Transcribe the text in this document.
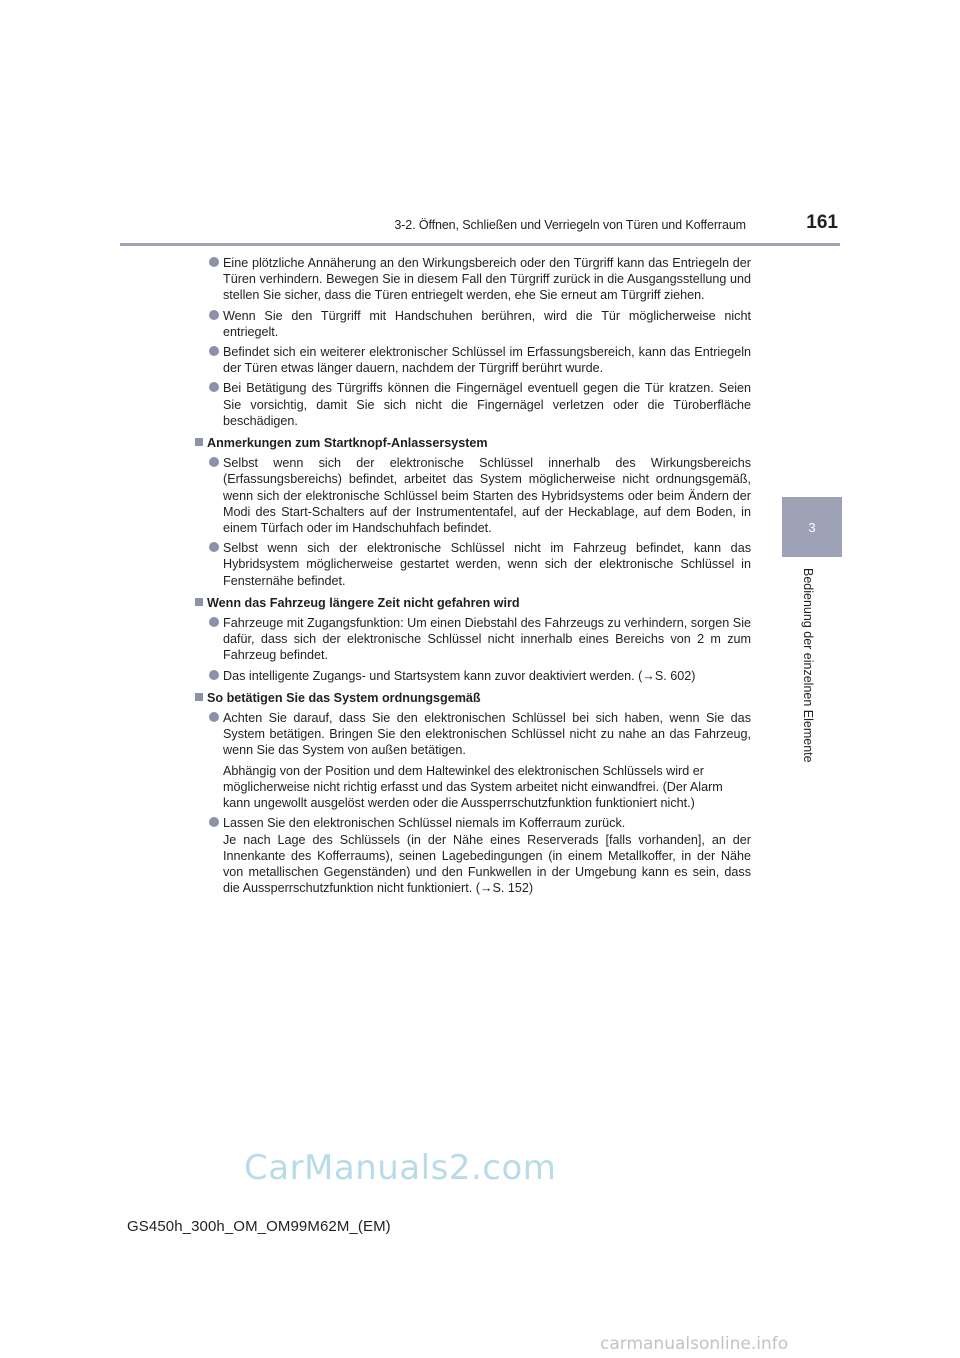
3-2. Öffnen, Schließen und Verriegeln von Türen und Kofferraum	161
3
Bedienung der einzelnen Elemente
Eine plötzliche Annäherung an den Wirkungsbereich oder den Türgriff kann das Entriegeln der Türen verhindern. Bewegen Sie in diesem Fall den Türgriff zurück in die Ausgangsstellung und stellen Sie sicher, dass die Türen entriegelt werden, ehe Sie erneut am Türgriff ziehen.
Wenn Sie den Türgriff mit Handschuhen berühren, wird die Tür möglicherweise nicht entriegelt.
Befindet sich ein weiterer elektronischer Schlüssel im Erfassungsbereich, kann das Entriegeln der Türen etwas länger dauern, nachdem der Türgriff berührt wurde.
Bei Betätigung des Türgriffs können die Fingernägel eventuell gegen die Tür kratzen. Seien Sie vorsichtig, damit Sie sich nicht die Fingernägel verletzen oder die Türoberfläche beschädigen.
Anmerkungen zum Startknopf-Anlassersystem
Selbst wenn sich der elektronische Schlüssel innerhalb des Wirkungsbereichs (Erfassungsbereichs) befindet, arbeitet das System möglicherweise nicht ordnungsgemäß, wenn sich der elektronische Schlüssel beim Starten des Hybridsystems oder beim Ändern der Modi des Start-Schalters auf der Instrumententafel, auf der Heckablage, auf dem Boden, in einem Türfach oder im Handschuhfach befindet.
Selbst wenn sich der elektronische Schlüssel nicht im Fahrzeug befindet, kann das Hybridsystem möglicherweise gestartet werden, wenn sich der elektronische Schlüssel in Fensternähe befindet.
Wenn das Fahrzeug längere Zeit nicht gefahren wird
Fahrzeuge mit Zugangsfunktion: Um einen Diebstahl des Fahrzeugs zu verhindern, sorgen Sie dafür, dass sich der elektronische Schlüssel nicht innerhalb eines Bereichs von 2 m zum Fahrzeug befindet.
Das intelligente Zugangs- und Startsystem kann zuvor deaktiviert werden. (→S. 602)
So betätigen Sie das System ordnungsgemäß
Achten Sie darauf, dass Sie den elektronischen Schlüssel bei sich haben, wenn Sie das System betätigen. Bringen Sie den elektronischen Schlüssel nicht zu nahe an das Fahrzeug, wenn Sie das System von außen betätigen.
Abhängig von der Position und dem Haltewinkel des elektronischen Schlüssels wird er möglicherweise nicht richtig erfasst und das System arbeitet nicht einwandfrei. (Der Alarm kann ungewollt ausgelöst werden oder die Aussperrschutzfunktion funktioniert nicht.)
Lassen Sie den elektronischen Schlüssel niemals im Kofferraum zurück.
Je nach Lage des Schlüssels (in der Nähe eines Reserverads [falls vorhanden], an der Innenkante des Kofferraums), seinen Lagebedingungen (in einem Metallkoffer, in der Nähe von metallischen Gegenständen) und den Funkwellen in der Umgebung kann es sein, dass die Aussperrschutzfunktion nicht funktioniert. (→S. 152)
CarManuals2.com
GS450h_300h_OM_OM99M62M_(EM)
carmanualsonline.info
